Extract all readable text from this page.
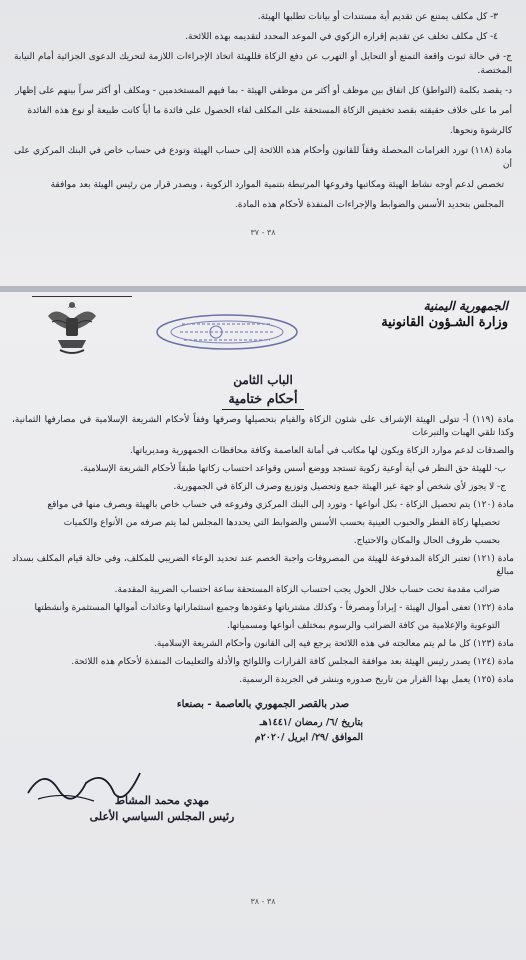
٣- كل مكلف يمتنع عن تقديم أية مستندات أو بيانات تطلبها الهيئة.

٤- كل مكلف تخلف عن تقديم إقراره الزكوي في الموعد المحدد لتقديمه بهذه اللائحة.

ج- في حالة ثبوت واقعة التمنع أو التحايل أو التهرب عن دفع الزكاة فللهيئة اتخاذ الإجراءات اللازمة لتحريك الدعوى الجزائية أمام النيابة المختصة.

د- يقصد بكلمة (التواطؤ) كل اتفاق بين موظف أو أكثر من موظفي الهيئة - بما فيهم المستخدمين - ومكلف أو أكثر سراً بينهم على إظهار

أمر ما على خلاف حقيقته بقصد تخفيض الزكاة المستحقة على المكلف لقاء الحصول على فائدة ما أياً كانت طبيعة أو نوع هذه الفائدة

كالرشوة ونحوها.

مادة (١١٨) تورد الغرامات المحصلة وفقاً للقانون وأحكام هذه اللائحة إلى حساب الهيئة وتودع في حساب خاص في البنك المركزي على أن

تخصص لدعم أوجه نشاط الهيئة ومكاتبها وفروعها المرتبطة بتنمية الموارد الزكوية ، ويصدر قرار من رئيس الهيئة بعد موافقة

المجلس بتحديد الأسس والضوابط والإجراءات المنفذة لأحكام هذه المادة.

٣٨ - ٣٧
الجمهورية اليمنية
وزارة الشـؤون القانونية
الباب الثامن
أحكام ختامية

مادة (١١٩) أ- تتولى الهيئة الإشراف على شئون الزكاة والقيام بتحصيلها وصرفها وفقاً لأحكام الشريعة الإسلامية في مصارفها الثمانية، وكذا تلقي الهبات والتبرعات

والصدقات لدعم موارد الزكاة ويكون لها مكاتب في أمانة العاصمة وكافة محافظات الجمهورية ومديرياتها.

ب- للهيئة حق النظر في أية أوعية زكوية تستجد ووضع أسس وقواعد احتساب زكاتها طبقاً لأحكام الشريعة الإسلامية.

ج- لا يجوز لأي شخص أو جهة غير الهيئة جمع وتحصيل وتوزيع وصرف الزكاة في الجمهورية.

مادة (١٢٠) يتم تحصيل الزكاة - بكل أنواعها - وتورد إلى البنك المركزي وفروعه في حساب خاص بالهيئة ويصرف منها في مواقع

تحصيلها زكاة الفطر والحبوب العينية بحسب الأسس والضوابط التي يحددها المجلس لما يتم صرفه من الأنواع والكميات

بحسب ظروف الحال والمكان والاحتياج.

مادة (١٢١) تعتبر الزكاة المدفوعة للهيئة من المصروفات واجبة الخصم عند تحديد الوعاء الضريبي للمكلف، وفي حالة قيام المكلف بسداد مبالغ

ضرائب مقدمة تحت حساب خلال الحول يجب احتساب الزكاة المستحقة ساعة احتساب الضريبة المقدمة.

مادة (١٢٢) تعفى أموال الهيئة - إيراداً ومصرفاً - وكذلك مشترياتها وعقودها وجميع استثماراتها وعائدات أموالها المستثمرة وأنشطتها

التوعوية والإعلامية من كافة الضرائب والرسوم بمختلف أنواعها ومسمياتها.

مادة (١٢٣) كل ما لم يتم معالجته في هذه اللائحة يرجع فيه إلى القانون وأحكام الشريعة الإسلامية.

مادة (١٢٤) يصدر رئيس الهيئة بعد موافقة المجلس كافة القرارات واللوائح والأدلة والتعليمات المنفذة لأحكام هذه اللائحة.

مادة (١٢٥) يعمل بهذا القرار من تاريخ صدوره وينشر في الجريدة الرسمية.

صدر بالقصر الجمهوري بالعاصمة - بصنعاء

بتاريخ /٦/ رمضان /١٤٤١هـ

الموافق /٢٩/ ابريل /٢٠٢٠م

مهدي محمد المشاط

رئيس المجلس السياسي الأعلى

٣٨ - ٣٨
